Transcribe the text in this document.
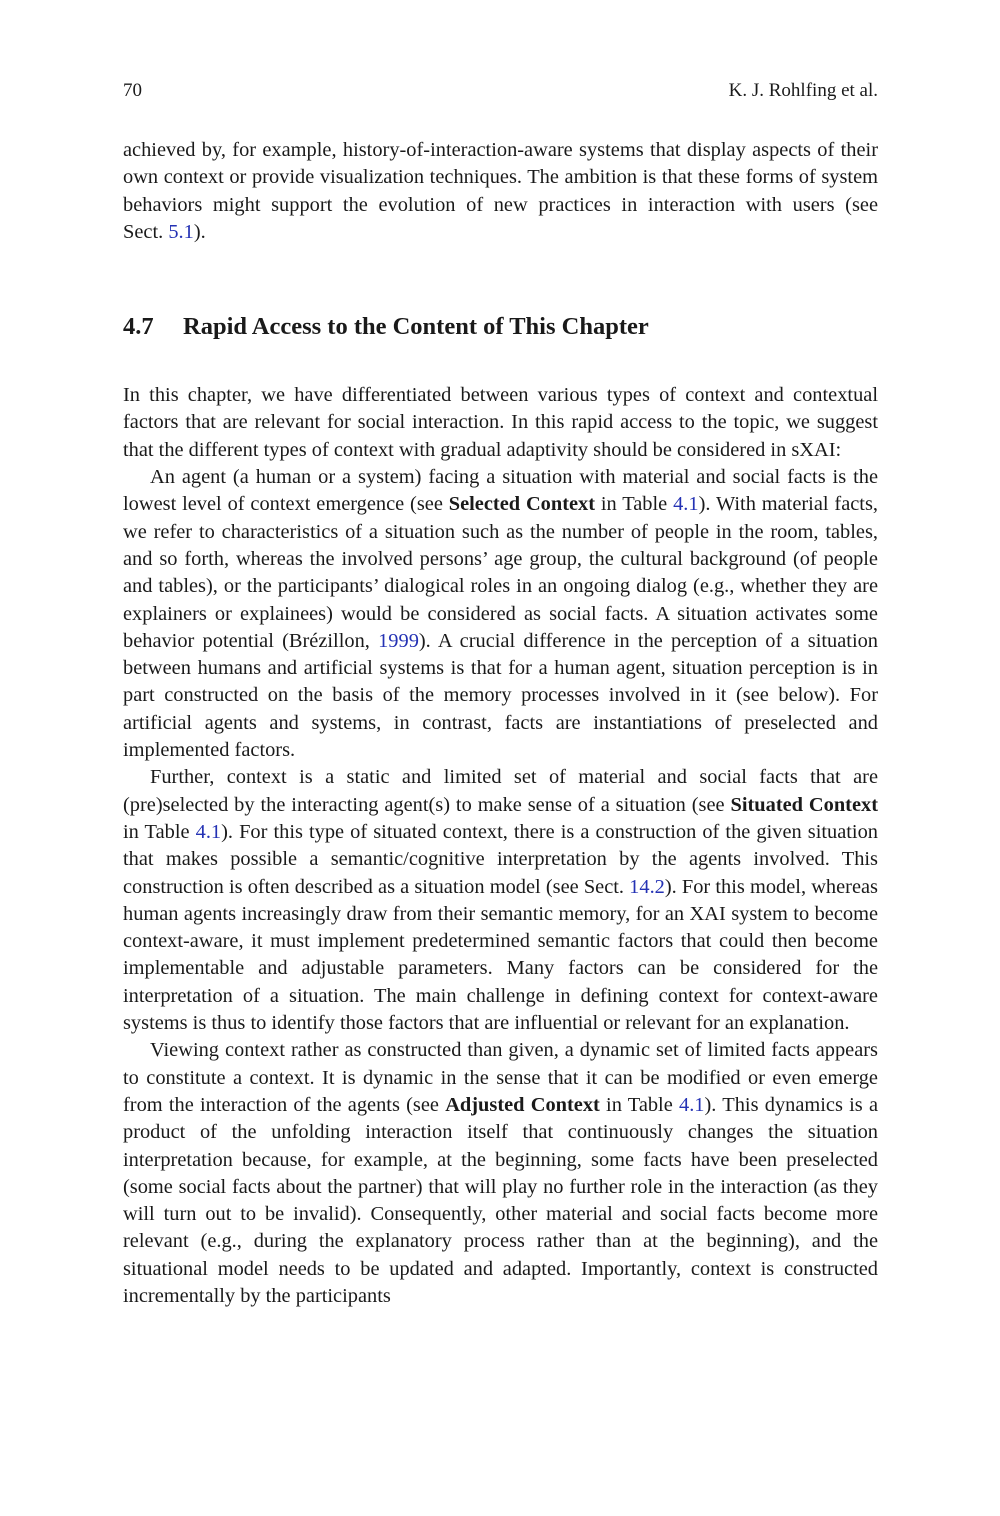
70	K. J. Rohlfing et al.

achieved by, for example, history-of-interaction-aware systems that display aspects of their own context or provide visualization techniques. The ambition is that these forms of system behaviors might support the evolution of new practices in interaction with users (see Sect. 5.1).

4.7 Rapid Access to the Content of This Chapter

In this chapter, we have differentiated between various types of context and contextual factors that are relevant for social interaction. In this rapid access to the topic, we suggest that the different types of context with gradual adaptivity should be considered in sXAI:

An agent (a human or a system) facing a situation with material and social facts is the lowest level of context emergence (see Selected Context in Table 4.1). With material facts, we refer to characteristics of a situation such as the number of people in the room, tables, and so forth, whereas the involved persons’ age group, the cultural background (of people and tables), or the participants’ dialogical roles in an ongoing dialog (e.g., whether they are explainers or explainees) would be considered as social facts. A situation activates some behavior potential (Brézillon, 1999). A crucial difference in the perception of a situation between humans and artificial systems is that for a human agent, situation perception is in part constructed on the basis of the memory processes involved in it (see below). For artificial agents and systems, in contrast, facts are instantiations of preselected and implemented factors.

Further, context is a static and limited set of material and social facts that are (pre)selected by the interacting agent(s) to make sense of a situation (see Situated Context in Table 4.1). For this type of situated context, there is a construction of the given situation that makes possible a semantic/cognitive interpretation by the agents involved. This construction is often described as a situation model (see Sect. 14.2). For this model, whereas human agents increasingly draw from their semantic memory, for an XAI system to become context-aware, it must implement predetermined semantic factors that could then become implementable and adjustable parameters. Many factors can be considered for the interpretation of a situation. The main challenge in defining context for context-aware systems is thus to identify those factors that are influential or relevant for an explanation.

Viewing context rather as constructed than given, a dynamic set of limited facts appears to constitute a context. It is dynamic in the sense that it can be modified or even emerge from the interaction of the agents (see Adjusted Context in Table 4.1). This dynamics is a product of the unfolding interaction itself that continuously changes the situation interpretation because, for example, at the beginning, some facts have been preselected (some social facts about the partner) that will play no further role in the interaction (as they will turn out to be invalid). Consequently, other material and social facts become more relevant (e.g., during the explanatory process rather than at the beginning), and the situational model needs to be updated and adapted. Importantly, context is constructed incrementally by the participants
